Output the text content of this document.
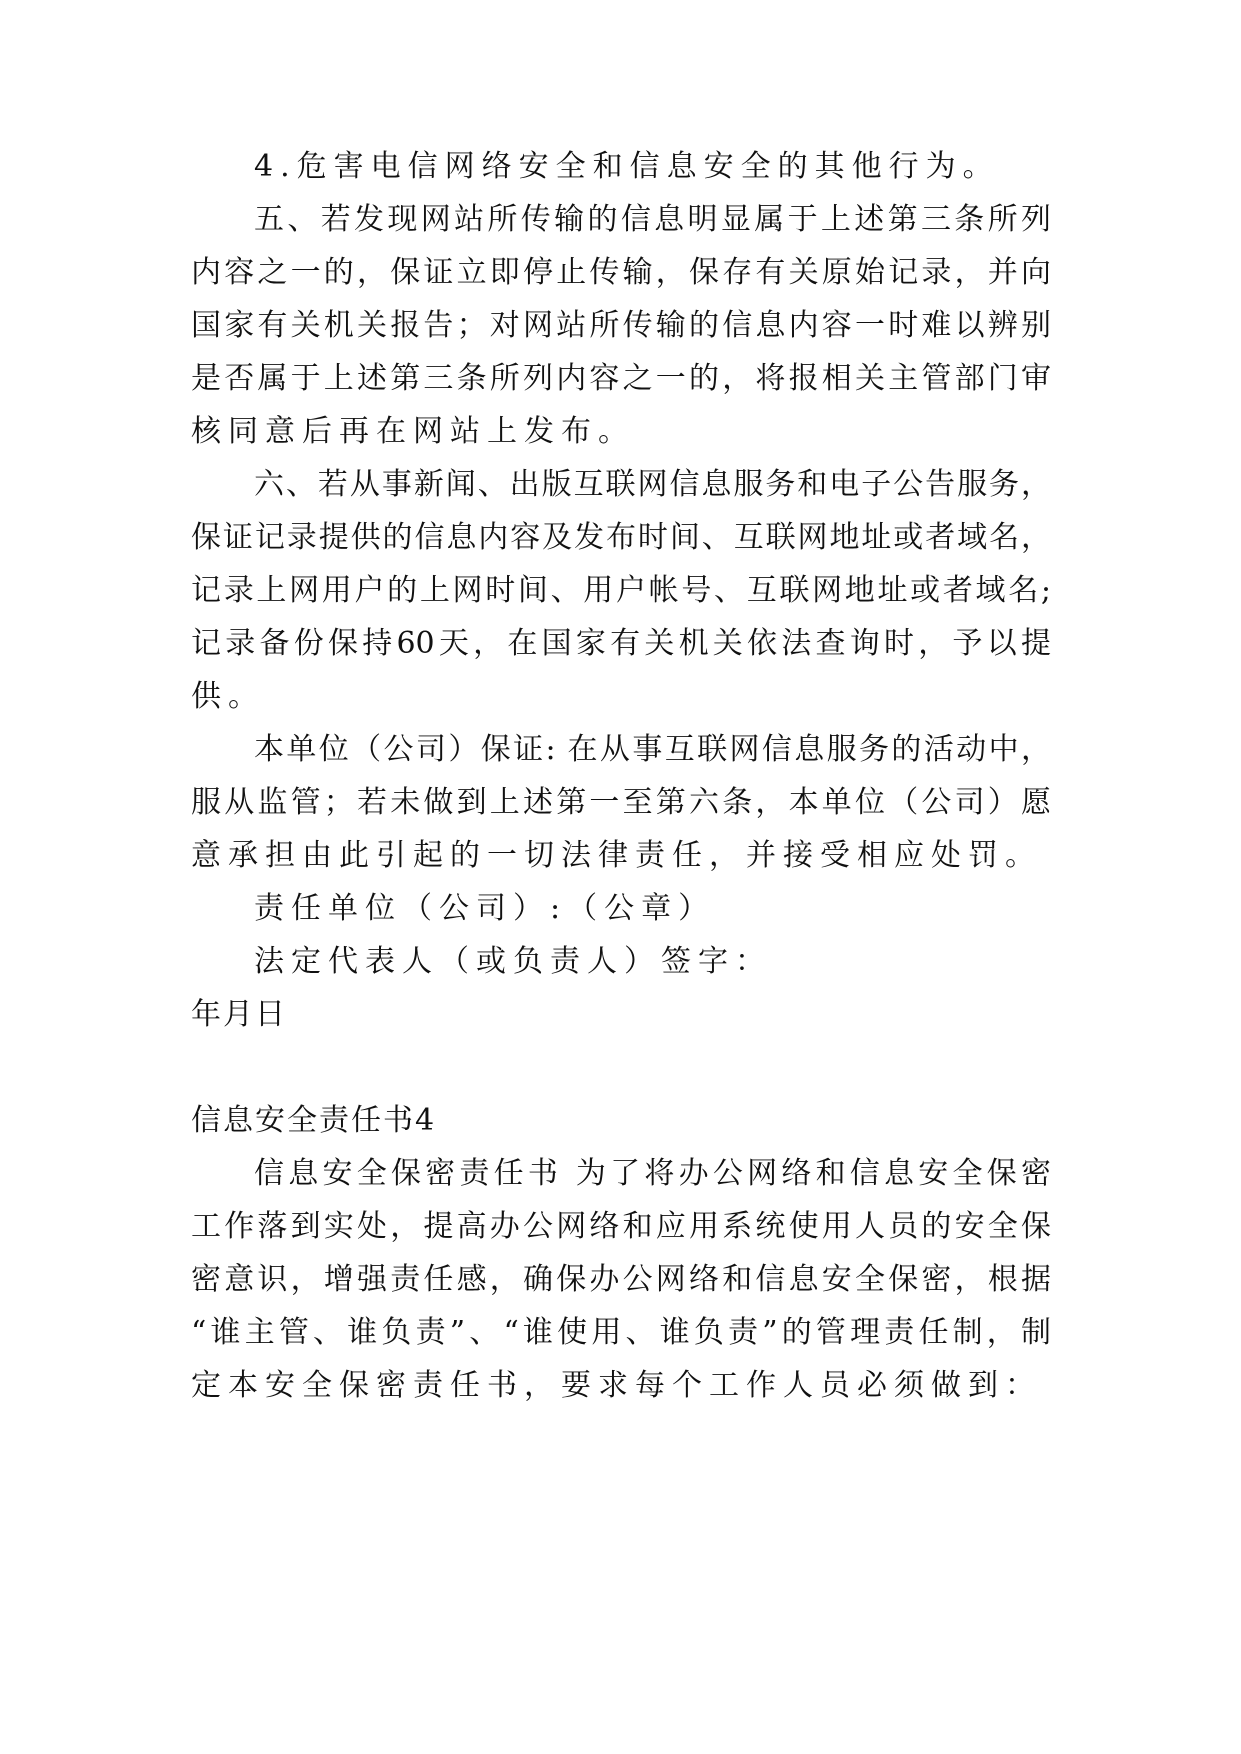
4.危害电信网络安全和信息安全的其他行为。
五、若发现网站所传输的信息明显属于上述第三条所列
内容之一的，保证立即停止传输，保存有关原始记录，并向
国家有关机关报告；对网站所传输的信息内容一时难以辨别
是否属于上述第三条所列内容之一的，将报相关主管部门审
核同意后再在网站上发布。
六、若从事新闻、出版互联网信息服务和电子公告服务，
保证记录提供的信息内容及发布时间、互联网地址或者域名，
记录上网用户的上网时间、用户帐号、互联网地址或者域名;
记录备份保持60天，在国家有关机关依法查询时，予以提
供。
本单位（公司）保证: 在从事互联网信息服务的活动中，
服从监管；若未做到上述第一至第六条，本单位（公司）愿
意承担由此引起的一切法律责任，并接受相应处罚。
责任单位（公司）:（公章）
法定代表人（或负责人）签字：
年月日
信息安全责任书4
信息安全保密责任书 为了将办公网络和信息安全保密
工作落到实处，提高办公网络和应用系统使用人员的安全保
密意识，增强责任感，确保办公网络和信息安全保密，根据
“谁主管、谁负责”、“谁使用、谁负责”的管理责任制，制
定本安全保密责任书，要求每个工作人员必须做到：
